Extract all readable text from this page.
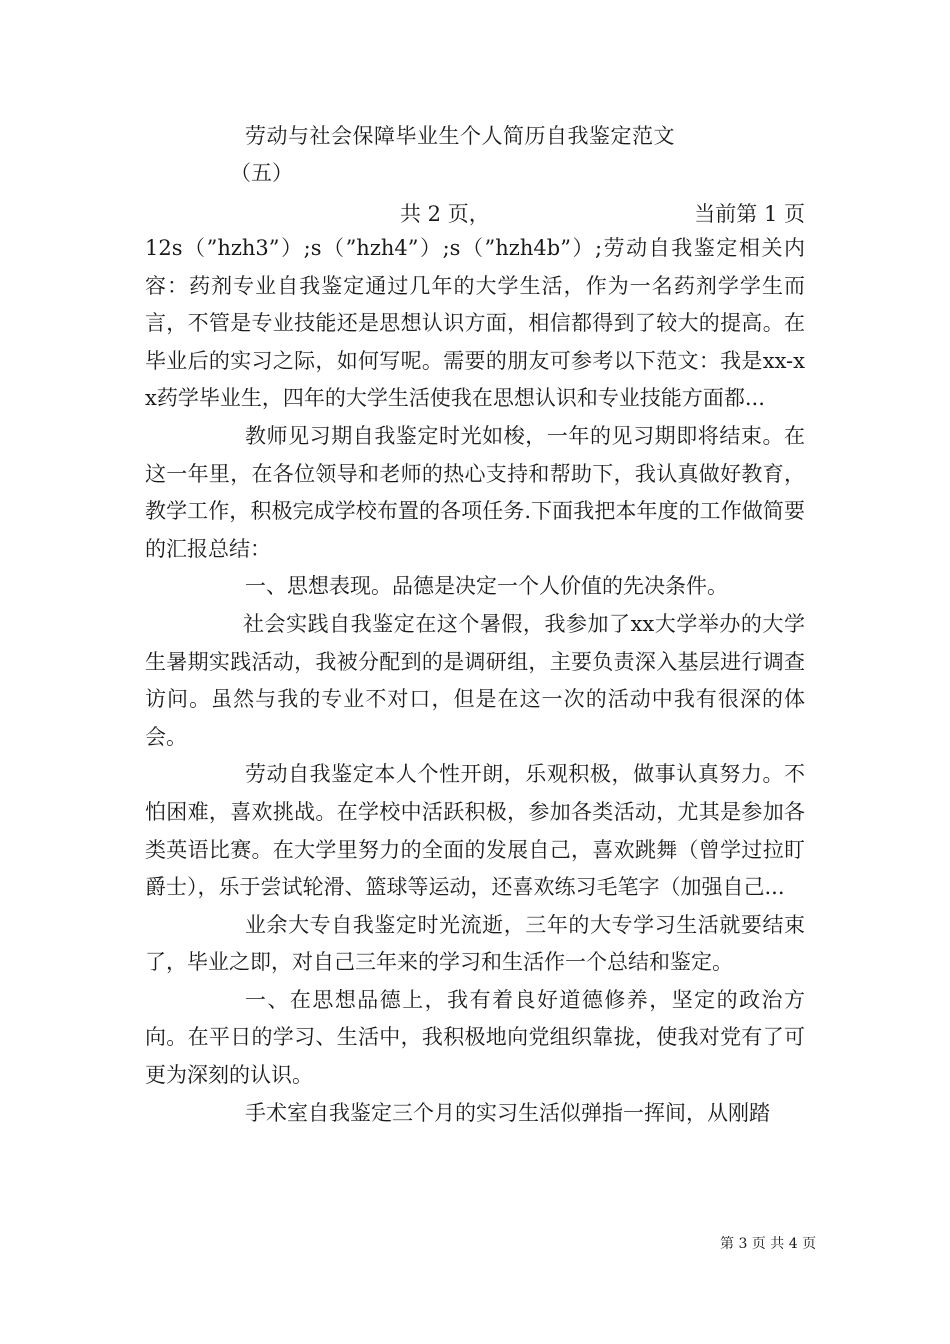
劳动与社会保障毕业生个人简历自我鉴定范文
（五）
共 2 页，	当前第 1 页

12s（”hzh3”）;s（”hzh4”）;s（”hzh4b”）;劳动自我鉴定相关内容：药剂专业自我鉴定通过几年的大学生活，作为一名药剂学学生而言，不管是专业技能还是思想认识方面，相信都得到了较大的提高。在毕业后的实习之际，如何写呢。需要的朋友可参考以下范文：我是xx-xx药学毕业生，四年的大学生活使我在思想认识和专业技能方面都...

教师见习期自我鉴定时光如梭，一年的见习期即将结束。在这一年里，在各位领导和老师的热心支持和帮助下，我认真做好教育，教学工作，积极完成学校布置的各项任务.下面我把本年度的工作做简要的汇报总结：

一、思想表现。品德是决定一个人价值的先决条件。

社会实践自我鉴定在这个暑假，我参加了xx大学举办的大学生暑期实践活动，我被分配到的是调研组，主要负责深入基层进行调查访问。虽然与我的专业不对口，但是在这一次的活动中我有很深的体会。

劳动自我鉴定本人个性开朗，乐观积极，做事认真努力。不怕困难，喜欢挑战。在学校中活跃积极，参加各类活动，尤其是参加各类英语比赛。在大学里努力的全面的发展自己，喜欢跳舞（曾学过拉盯爵士），乐于尝试轮滑、篮球等运动，还喜欢练习毛笔字（加强自己...

业余大专自我鉴定时光流逝，三年的大专学习生活就要结束了，毕业之即，对自己三年来的学习和生活作一个总结和鉴定。

一、在思想品德上，我有着良好道德修养，坚定的政治方向。在平日的学习、生活中，我积极地向党组织靠拢，使我对党有了可更为深刻的认识。

手术室自我鉴定三个月的实习生活似弹指一挥间，从刚踏

第 3 页 共 4 页
